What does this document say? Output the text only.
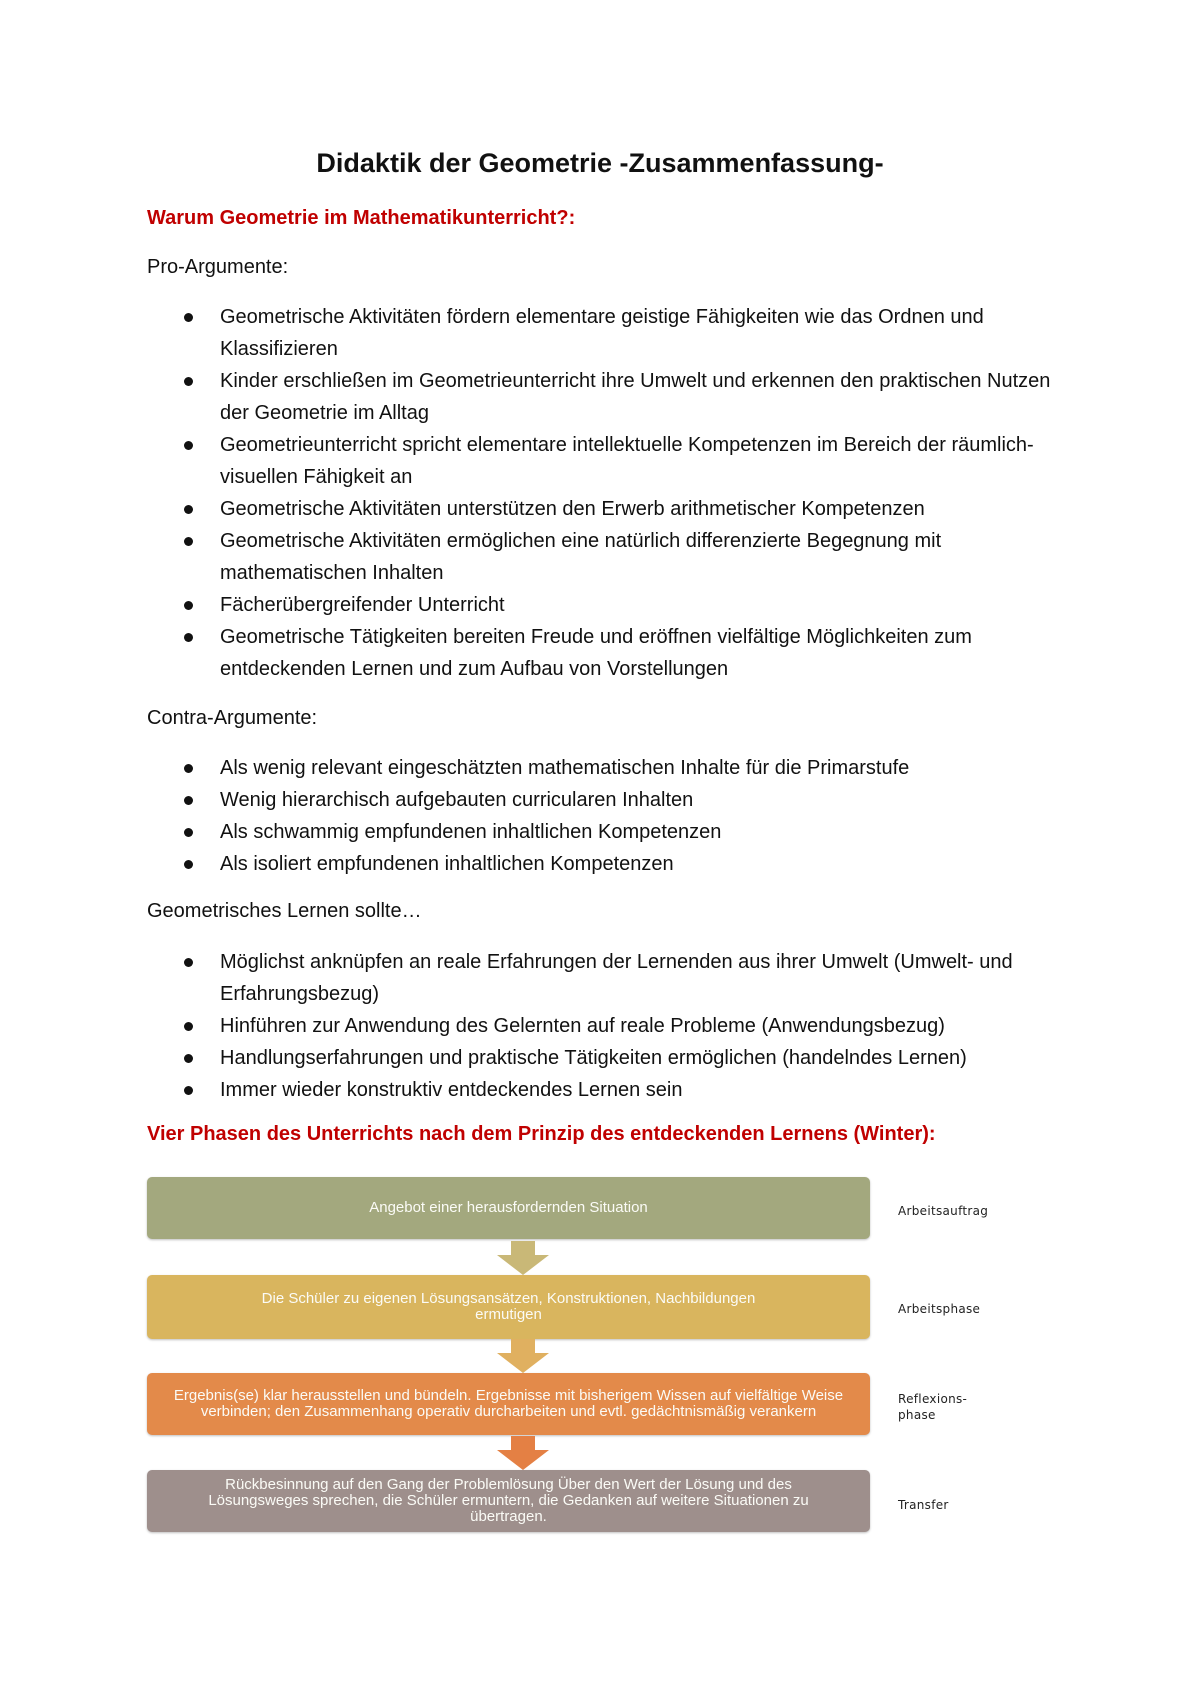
Didaktik der Geometrie -Zusammenfassung-

Warum Geometrie im Mathematikunterricht?:

Pro-Argumente:

Geometrische Aktivitäten fördern elementare geistige Fähigkeiten wie das Ordnen und Klassifizieren
Kinder erschließen im Geometrieunterricht ihre Umwelt und erkennen den praktischen Nutzen der Geometrie im Alltag
Geometrieunterricht spricht elementare intellektuelle Kompetenzen im Bereich der räumlich-visuellen Fähigkeit an
Geometrische Aktivitäten unterstützen den Erwerb arithmetischer Kompetenzen
Geometrische Aktivitäten ermöglichen eine natürlich differenzierte Begegnung mit mathematischen Inhalten
Fächerübergreifender Unterricht
Geometrische Tätigkeiten bereiten Freude und eröffnen vielfältige Möglichkeiten zum entdeckenden Lernen und zum Aufbau von Vorstellungen

Contra-Argumente:

Als wenig relevant eingeschätzten mathematischen Inhalte für die Primarstufe
Wenig hierarchisch aufgebauten curricularen Inhalten
Als schwammig empfundenen inhaltlichen Kompetenzen
Als isoliert empfundenen inhaltlichen Kompetenzen

Geometrisches Lernen sollte…

Möglichst anknüpfen an reale Erfahrungen der Lernenden aus ihrer Umwelt (Umwelt- und Erfahrungsbezug)
Hinführen zur Anwendung des Gelernten auf reale Probleme (Anwendungsbezug)
Handlungserfahrungen und praktische Tätigkeiten ermöglichen (handelndes Lernen)
Immer wieder konstruktiv entdeckendes Lernen sein

Vier Phasen des Unterrichts nach dem Prinzip des entdeckenden Lernens (Winter):

Angebot einer herausfordernden Situation	Arbeitsauftrag
Die Schüler zu eigenen Lösungsansätzen, Konstruktionen, Nachbildungen ermutigen	Arbeitsphase
Ergebnis(se) klar herausstellen und bündeln. Ergebnisse mit bisherigem Wissen auf vielfältige Weise verbinden; den Zusammenhang operativ durcharbeiten und evtl. gedächtnismäßig verankern
Reflexions-phase
Rückbesinnung auf den Gang der Problemlösung Über den Wert der Lösung und des Lösungsweges sprechen, die Schüler ermuntern, die Gedanken auf weitere Situationen zu übertragen.
Transfer
